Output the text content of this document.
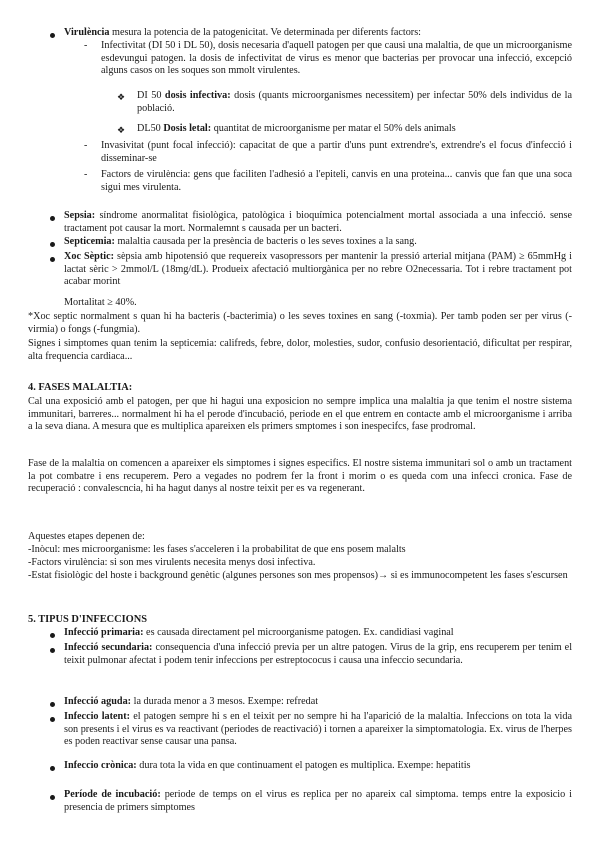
Virulència mesura la potencia de la patogenicitat. Ve determinada per diferents factors:
- Infectivitat (DI 50 i DL 50), dosis necesaria d'aquell patogen per que causi una malaltia, de que un microorganisme esdevungui patogen. la dosis de infectivitat de virus es menor que bacterias per provocar una infecció, excepció alguns casos on les soques son mmolt virulentes.
❖ DI 50 dosis infectiva: dosis (quants microorganismes necessitem) per infectar 50% dels individus de la població.
❖ DL50 Dosis letal: quantitat de microorganisme per matar el 50% dels animals
- Invasivitat (punt focal infecció): capacitat de que a partir d'uns punt extrendre's, extrendre's el focus d'infecció i disseminar-se
- Factors de virulència: gens que faciliten l'adhesió a l'epiteli, canvis en una proteina... canvis que fan que una soca sigui mes virulenta.
Sepsia: síndrome anormalitat fisiològica, patològica i bioquímica potencialment mortal associada a una infecció. sense tractament pot causar la mort. Normalemnt s causada per un bacteri.
Septicemia: malaltia causada per la presència de bacteris o les seves toxines a la sang.
Xoc Sèptic: sèpsia amb hipotensió que requereix vasopressors per mantenir la pressió arterial mitjana (PAM) ≥ 65mmHg i lactat sèric > 2mmol/L (18mg/dL). Produeix afectació multiorgànica per no rebre O2necessaria. Tot i rebre tractament pot acabar morint
Mortalitat ≥ 40%.
*Xoc septic normalment s quan hi ha bacteris (-bacterimia) o les seves toxines en sang (-toxmia). Per tamb poden ser per virus (-virmia) o fongs (-fungmia).
Signes i simptomes quan tenim la septicemia: califreds, febre, dolor, molesties, sudor, confusio desorientació, dificultat per respirar, alta frequencia cardiaca...
4. FASES MALALTIA:
Cal una exposició amb el patogen, per que hi hagui una exposicion no sempre implica una malaltia ja que tenim el nostre sistema immunitari, barreres... normalment hi ha el perode d'incubació, periode en el que entrem en contacte amb el microorganisme i arriba a la seva diana. A mesura que es multiplica apareixen els primers smptomes i son inespecifcs, fase prodromal.
Fase de la malaltia on comencen a apareixer els simptomes i signes especifics. El nostre sistema immunitari sol o amb un tractament la pot combatre i ens recuperem. Pero a vegades no podrem fer la front i morim o es queda com una infecci cronica. Fase de recuperació : convalescncia, hi ha hagut danys al nostre teixit per es va regenerant.
Aquestes etapes depenen de:
-Inòcul: mes microorganisme: les fases s'acceleren i la probabilitat de que ens posem malalts
-Factors virulència: si son mes virulents necesita menys dosi infectiva.
-Estat fisiològic del hoste i background genètic (algunes persones son mes propensos)→ si es immunocompetent les fases s'escursen
5. TIPUS D'INFECCIONS
Infecció primaria: es causada directament pel microorganisme patogen. Ex. candidiasi vaginal
Infecció secundaria: consequencia d'una infecció previa per un altre patogen. Virus de la grip, ens recuperem per tenim el teixit pulmonar afectat i podem tenir infeccions per estreptococus i causa una infeccio secundaria.
Infecció aguda: la durada menor a 3 mesos. Exempe: refredat
Infeccio latent: el patogen sempre hi s en el teixit per no sempre hi ha l'aparició de la malaltia. Infeccions on tota la vida son presents i el virus es va reactivant (periodes de reactivació) i tornen a apareixer la simptomatologia. Ex. virus de l'herpes es poden reactivar sense causar una pansa.
Infeccio crònica: dura tota la vida en que continuament el patogen es multiplica. Exempe: hepatitis
Període de incubació: periode de temps on el virus es replica per no apareix cal simptoma. temps entre la exposicio i presencia de primers simptomes
